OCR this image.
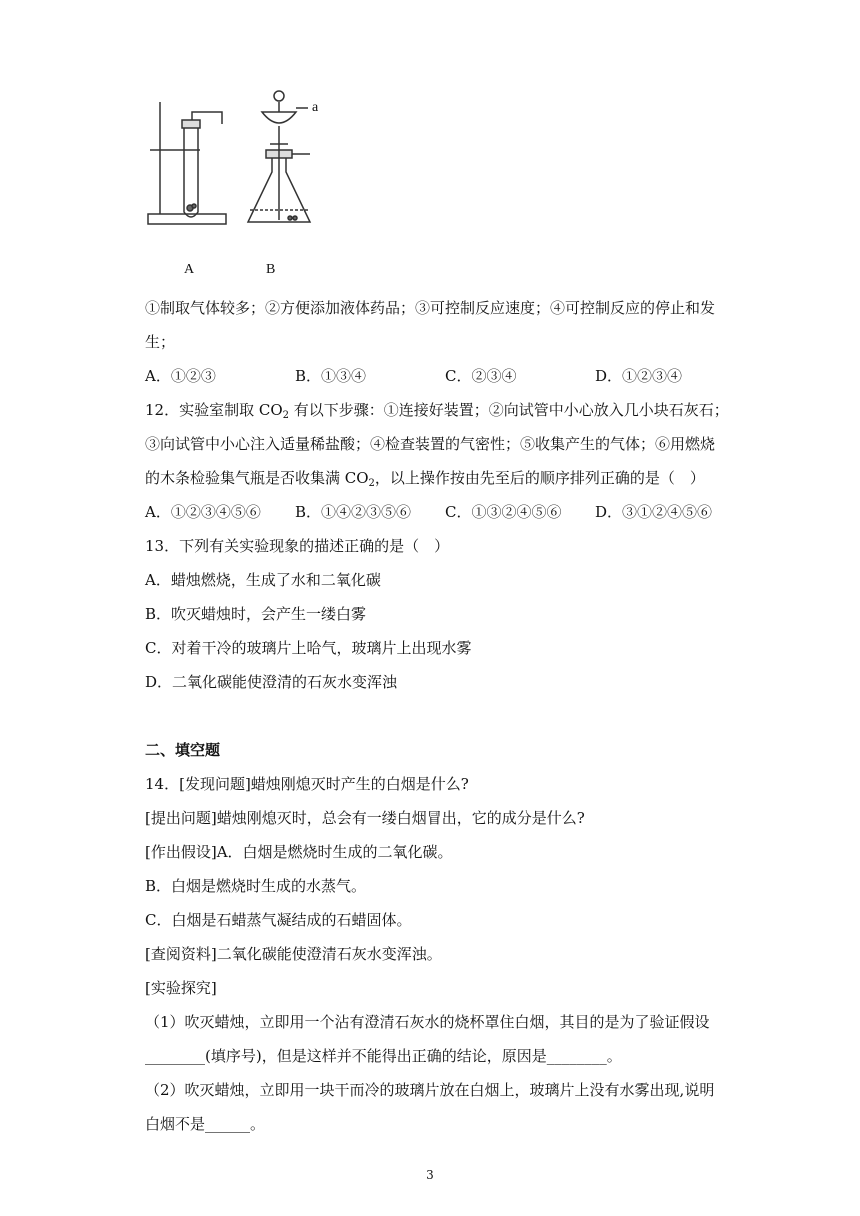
a
A	B
①制取气体较多；②方便添加液体药品；③可控制反应速度；④可控制反应的停止和发
生；
A．①②③	B．①③④	C．②③④	D．①②③④
12．实验室制取 $CO_2$ 有以下步骤：①连接好装置；②向试管中小心放入几小块石灰石；
③向试管中小心注入适量稀盐酸；④检查装置的气密性；⑤收集产生的气体；⑥用燃烧
的木条检验集气瓶是否收集满 $CO_2$，以上操作按由先至后的顺序排列正确的是（　）
A．①②③④⑤⑥ B．①④②③⑤⑥ C．①③②④⑤⑥ D．③①②④⑤⑥
13．下列有关实验现象的描述正确的是（　）
A．蜡烛燃烧，生成了水和二氧化碳
B．吹灭蜡烛时，会产生一缕白雾
C．对着干冷的玻璃片上哈气，玻璃片上出现水雾
D．二氧化碳能使澄清的石灰水变浑浊
二、填空题
14．[发现问题]蜡烛刚熄灭时产生的白烟是什么?
[提出问题]蜡烛刚熄灭时，总会有一缕白烟冒出，它的成分是什么?
[作出假设]A．白烟是燃烧时生成的二氧化碳。
B．白烟是燃烧时生成的水蒸气。
C．白烟是石蜡蒸气凝结成的石蜡固体。
[查阅资料]二氧化碳能使澄清石灰水变浑浊。
[实验探究]
（1）吹灭蜡烛，立即用一个沾有澄清石灰水的烧杯罩住白烟，其目的是为了验证假设
________(填序号)，但是这样并不能得出正确的结论，原因是________。
（2）吹灭蜡烛，立即用一块干而冷的玻璃片放在白烟上，玻璃片上没有水雾出现,说明
白烟不是______。
3
